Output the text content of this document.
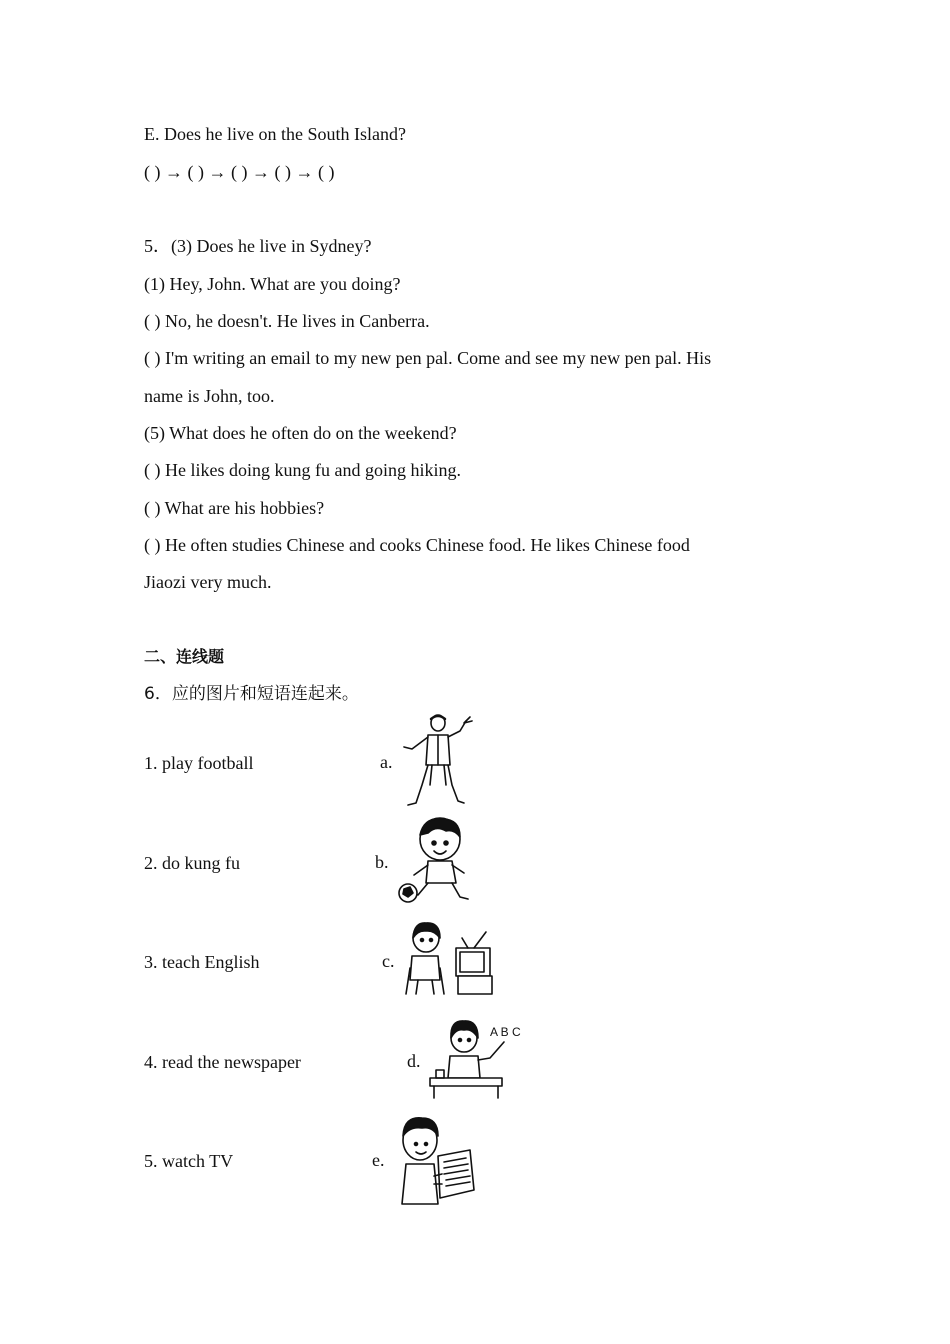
E. Does he live on the South Island?
( ) → ( ) → ( ) → ( ) → ( )
5．(3) Does he live in Sydney?
(1) Hey, John. What are you doing?
( ) No, he doesn't. He lives in Canberra.
( ) I'm writing an email to my new pen pal. Come and see my new pen pal. His
name is John, too.
(5) What does he often do on the weekend?
( ) He likes doing kung fu and going hiking.
( ) What are his hobbies?
( ) He often studies Chinese and cooks Chinese food. He likes Chinese food
Jiaozi very much.
二、连线题
6．应的图片和短语连起来。
1. play football
2. do kung fu
3. teach English
4. read the newspaper
5. watch TV
a.
b.
c.
d.
e.
A B C
